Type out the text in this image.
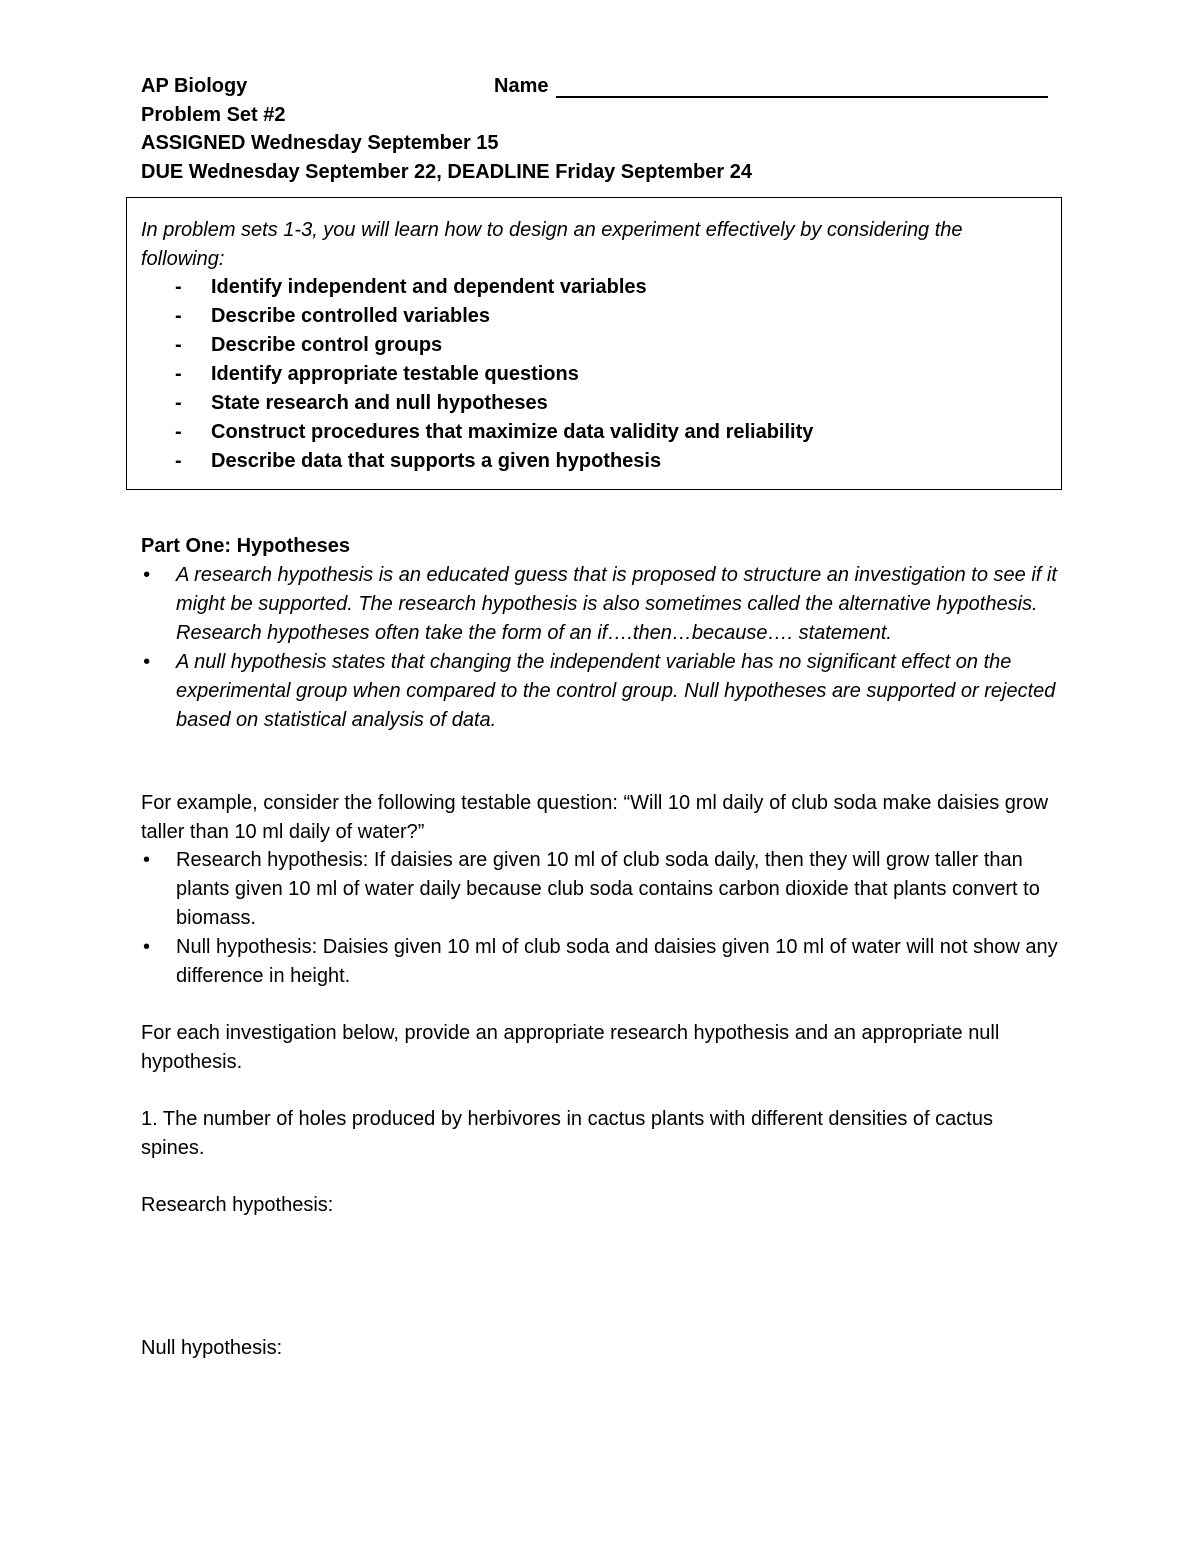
AP Biology	Name
Problem Set #2
ASSIGNED Wednesday September 15
DUE Wednesday September 22, DEADLINE Friday September 24
In problem sets 1-3, you will learn how to design an experiment effectively by considering the following:
- Identify independent and dependent variables
- Describe controlled variables
- Describe control groups
- Identify appropriate testable questions
- State research and null hypotheses
- Construct procedures that maximize data validity and reliability
- Describe data that supports a given hypothesis
Part One: Hypotheses
• A research hypothesis is an educated guess that is proposed to structure an investigation to see if it might be supported. The research hypothesis is also sometimes called the alternative hypothesis. Research hypotheses often take the form of an if….then…because…. statement.
• A null hypothesis states that changing the independent variable has no significant effect on the experimental group when compared to the control group. Null hypotheses are supported or rejected based on statistical analysis of data.
For example, consider the following testable question: “Will 10 ml daily of club soda make daisies grow taller than 10 ml daily of water?”
• Research hypothesis: If daisies are given 10 ml of club soda daily, then they will grow taller than plants given 10 ml of water daily because club soda contains carbon dioxide that plants convert to biomass.
• Null hypothesis: Daisies given 10 ml of club soda and daisies given 10 ml of water will not show any difference in height.
For each investigation below, provide an appropriate research hypothesis and an appropriate null hypothesis.
1. The number of holes produced by herbivores in cactus plants with different densities of cactus spines.
Research hypothesis:
Null hypothesis:
